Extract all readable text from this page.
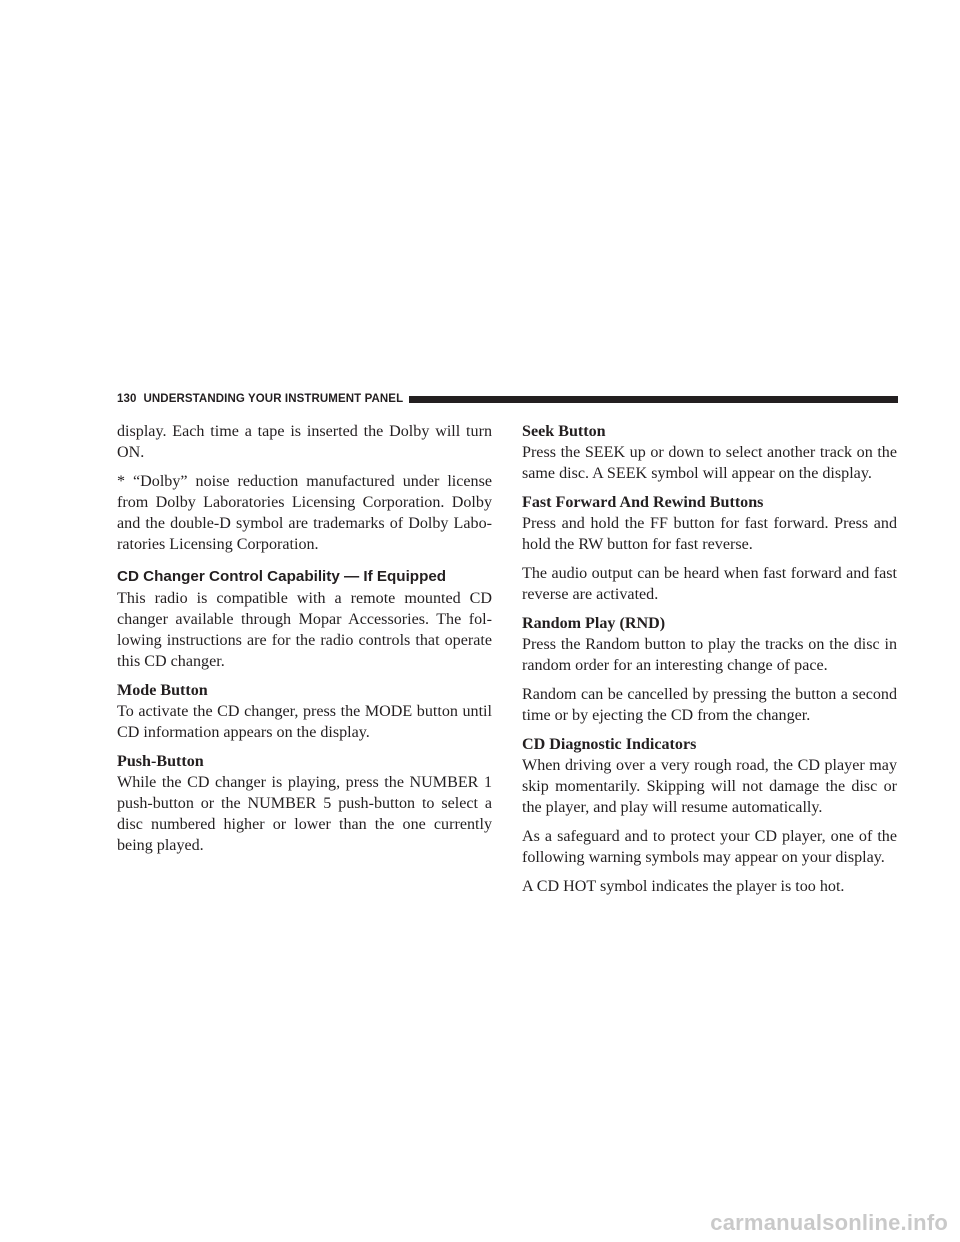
130 UNDERSTANDING YOUR INSTRUMENT PANEL

display. Each time a tape is inserted the Dolby will turn ON.

* “Dolby” noise reduction manufactured under license from Dolby Laboratories Licensing Corporation. Dolby and the double-D symbol are trademarks of Dolby Labo-ratories Licensing Corporation.

CD Changer Control Capability — If Equipped

This radio is compatible with a remote mounted CD changer available through Mopar Accessories. The fol-lowing instructions are for the radio controls that operate this CD changer.

Mode Button

To activate the CD changer, press the MODE button until CD information appears on the display.

Push-Button

While the CD changer is playing, press the NUMBER 1 push-button or the NUMBER 5 push-button to select a disc numbered higher or lower than the one currently being played.

Seek Button

Press the SEEK up or down to select another track on the same disc. A SEEK symbol will appear on the display.

Fast Forward And Rewind Buttons

Press and hold the FF button for fast forward. Press and hold the RW button for fast reverse.

The audio output can be heard when fast forward and fast reverse are activated.

Random Play (RND)

Press the Random button to play the tracks on the disc in random order for an interesting change of pace.

Random can be cancelled by pressing the button a second time or by ejecting the CD from the changer.

CD Diagnostic Indicators

When driving over a very rough road, the CD player may skip momentarily. Skipping will not damage the disc or the player, and play will resume automatically.

As a safeguard and to protect your CD player, one of the following warning symbols may appear on your display.

A CD HOT symbol indicates the player is too hot.

carmanualsonline.info
